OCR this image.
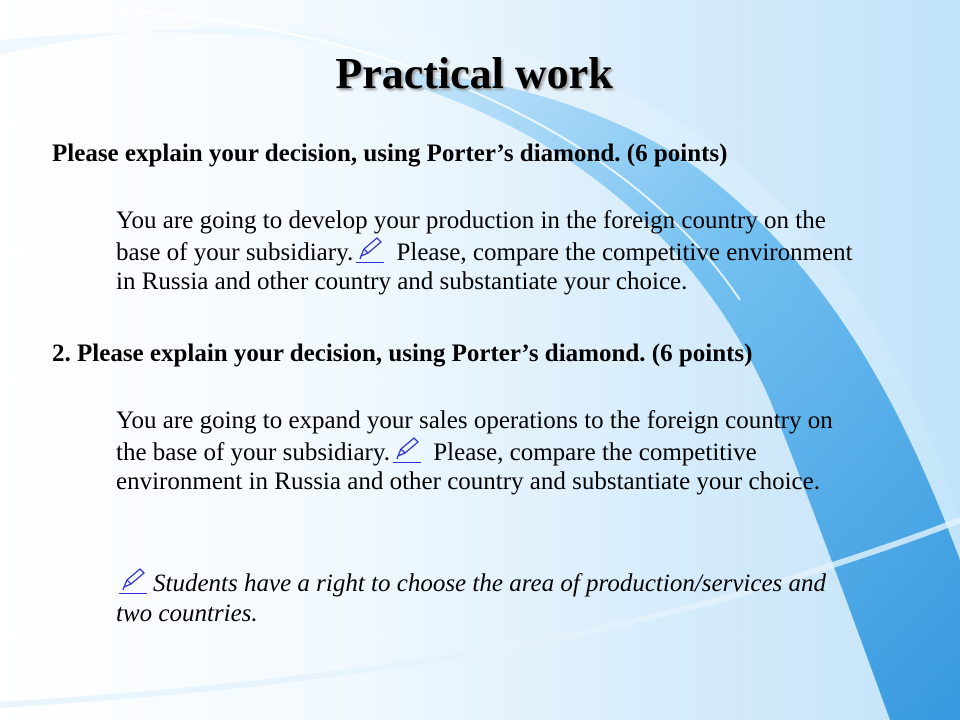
Practical work
Please explain your decision, using Porter’s diamond. (6 points)
You are going to develop your production in the foreign country on the base of your subsidiary.
Please, compare the competitive environment in Russia and other country and substantiate your choice.
2. Please explain your decision, using Porter’s diamond. (6 points)
You are going to expand your sales operations to the foreign country on the base of your subsidiary.
Please, compare the competitive environment in Russia and other country and substantiate your choice.
Students have a right to choose the area of production/services and two countries.
